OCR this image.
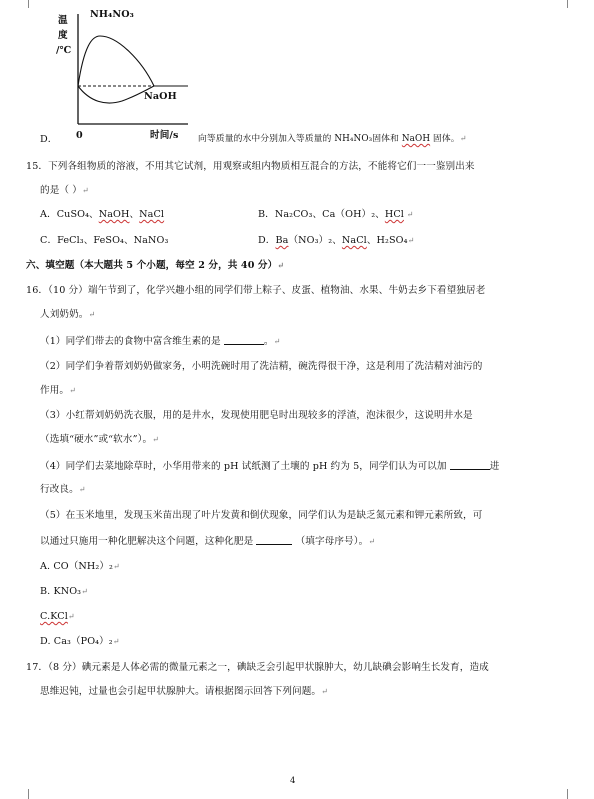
温
度
/℃
NH₄NO₃
NaOH
0	时间/s
D．	向等质量的水中分别加入等质量的 NH₄NO₃固体和 NaOH 固体。↵
15．下列各组物质的溶液，不用其它试剂，用观察或组内物质相互混合的方法，不能将它们一一鉴别出来
的是（ ）↵
A．CuSO₄、NaOH、NaCl	B．Na₂CO₃、Ca（OH）₂、HCl ↵
C．FeCl₃、FeSO₄、NaNO₃	D．Ba（NO₃）₂、NaCl、H₂SO₄↵
六、填空题（本大题共 5 个小题，每空 2 分，共 40 分）↵
16．（10 分）端午节到了，化学兴趣小组的同学们带上粽子、皮蛋、植物油、水果、牛奶去乡下看望独居老
人刘奶奶。↵
（1）同学们带去的食物中富含维生素的是	。↵
（2）同学们争着帮刘奶奶做家务，小明洗碗时用了洗洁精，碗洗得很干净，这是利用了洗洁精对油污的
作用。↵
（3）小红帮刘奶奶洗衣服，用的是井水，发现使用肥皂时出现较多的浮渣，泡沫很少，这说明井水是
（选填“硬水”或“软水”）。↵
（4）同学们去菜地除草时，小华用带来的 pH 试纸测了土壤的 pH 约为 5，同学们认为可以加	进
行改良。↵
（5）在玉米地里，发现玉米苗出现了叶片发黄和倒伏现象，同学们认为是缺乏氮元素和钾元素所致，可
以通过只施用一种化肥解决这个问题，这种化肥是	（填字母序号）。↵
A. CO（NH₂）₂↵
B. KNO₃↵
C.KCl↵
D. Ca₃（PO₄）₂↵
17．（8 分）碘元素是人体必需的微量元素之一，碘缺乏会引起甲状腺肿大，幼儿缺碘会影响生长发育，造成
思维迟钝，过量也会引起甲状腺肿大。请根据图示回答下列问题。↵
4
